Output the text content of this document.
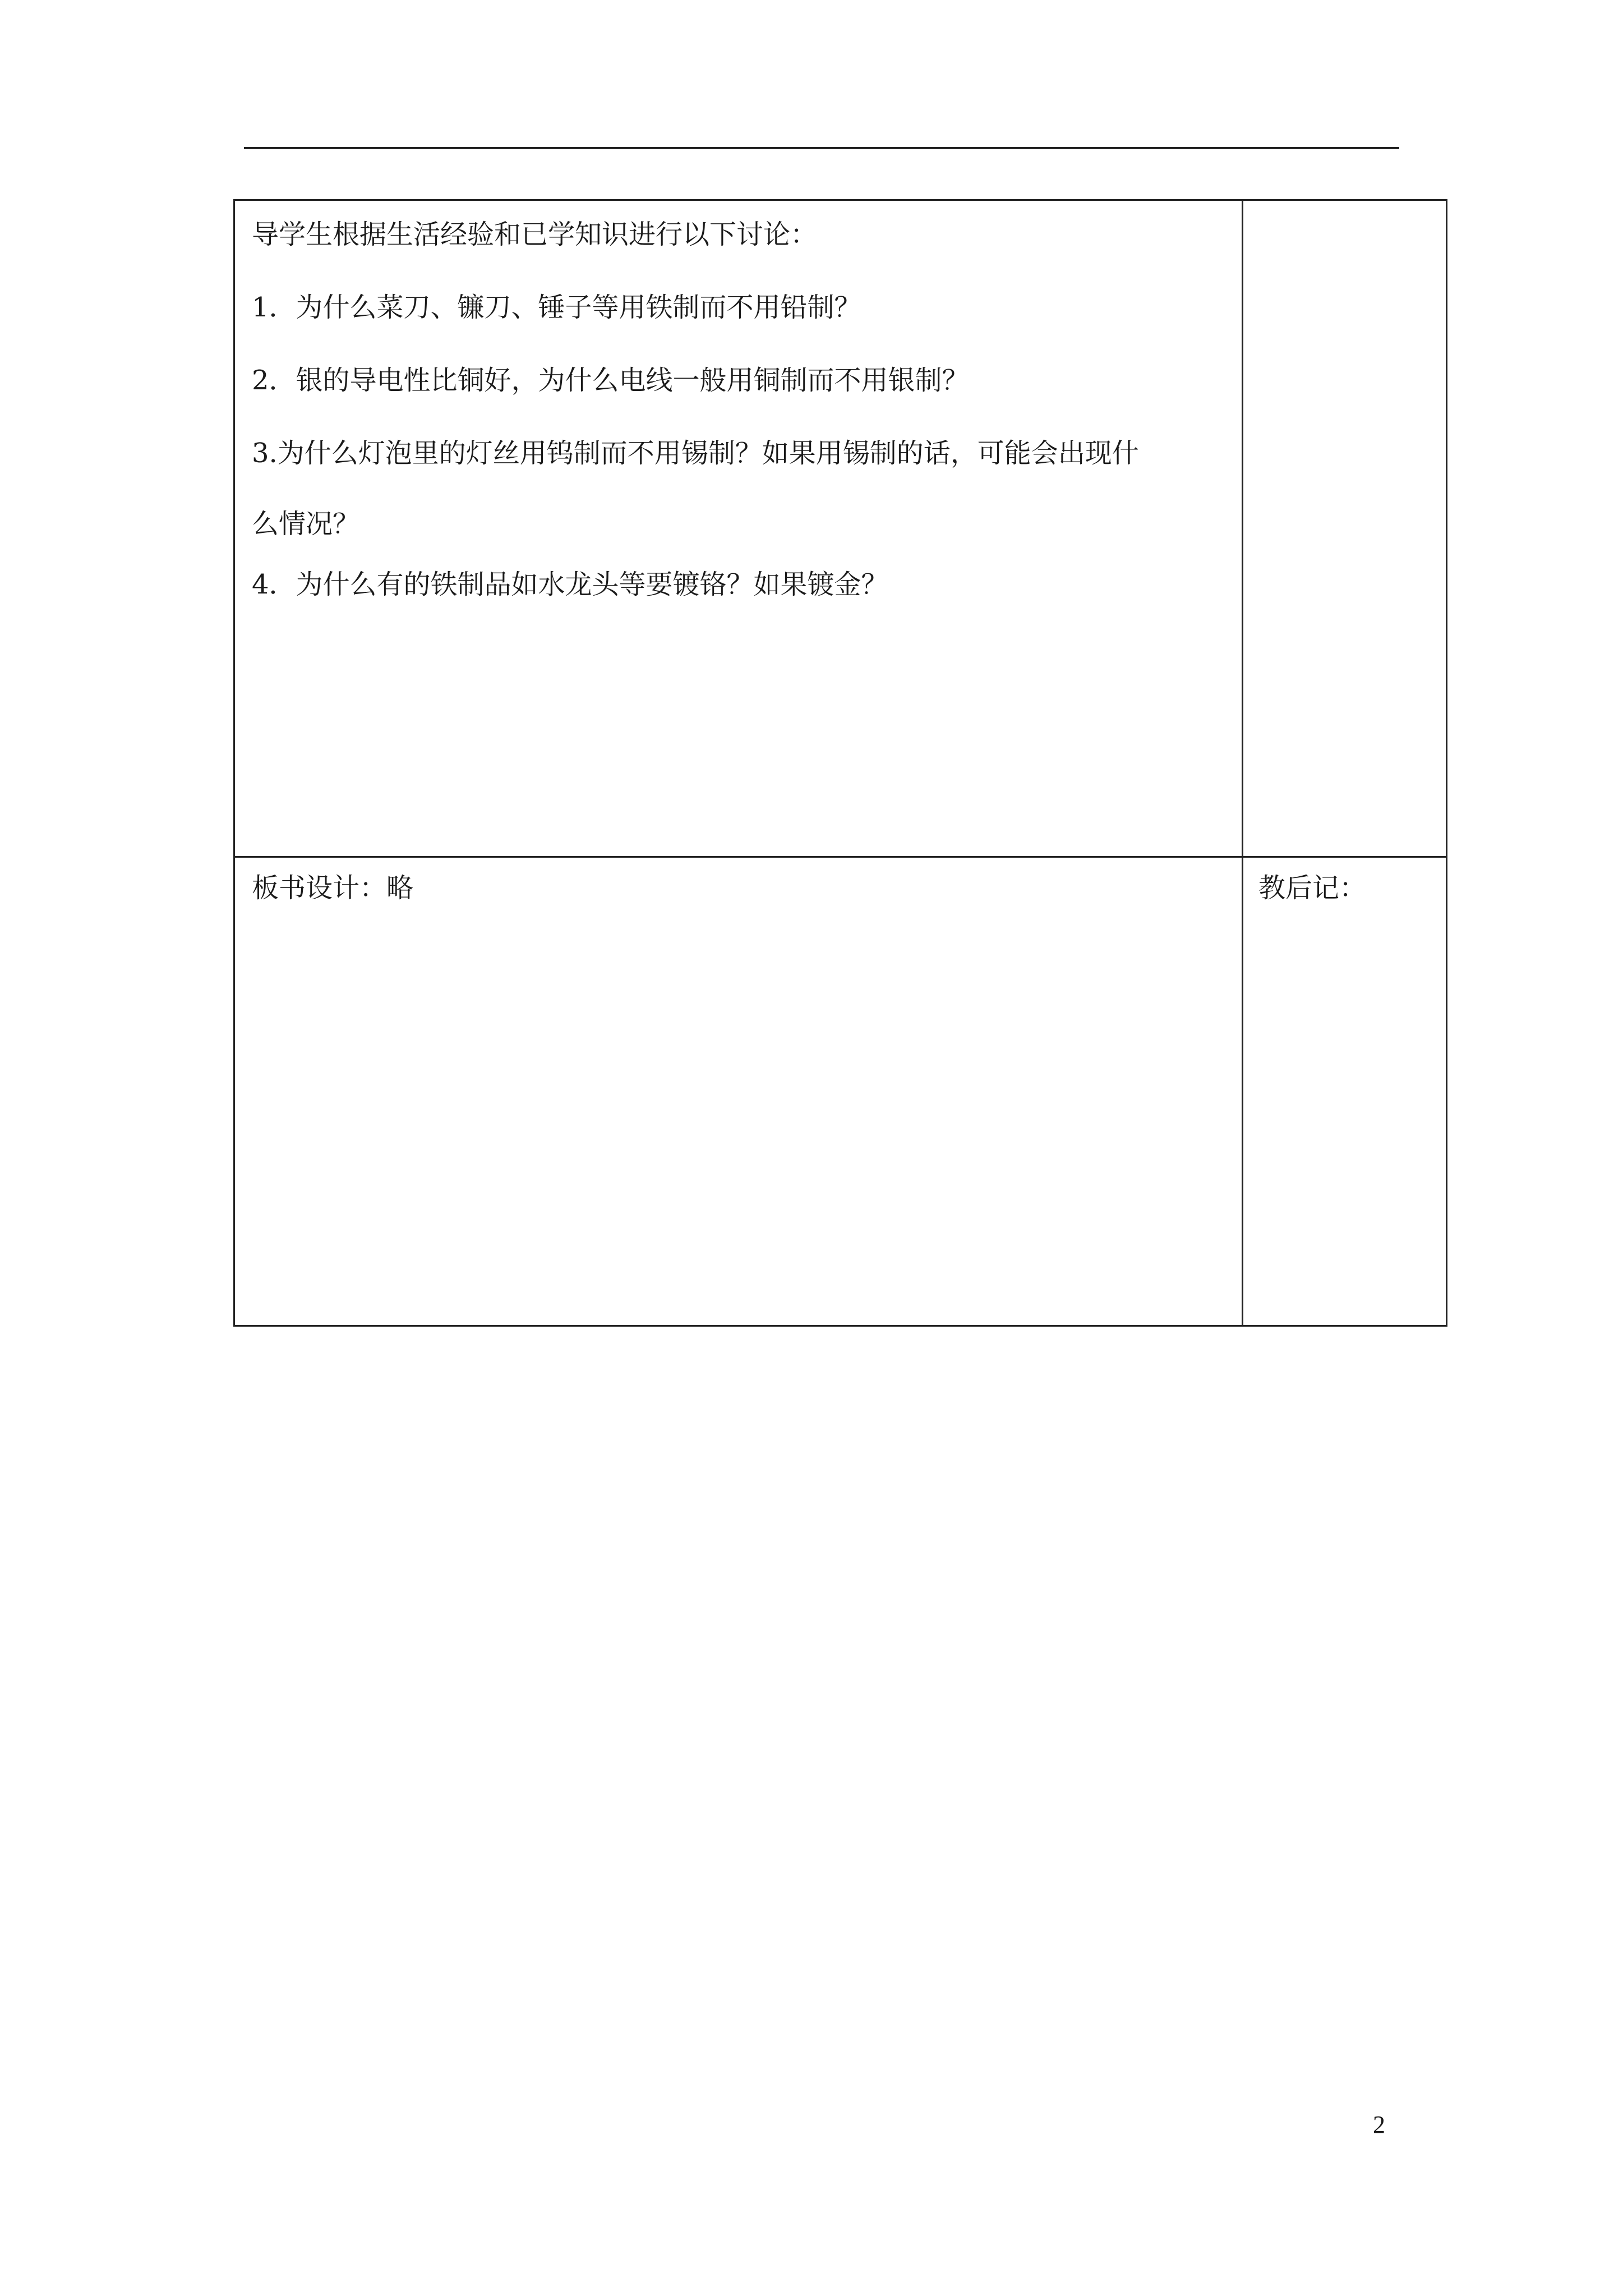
导学生根据生活经验和已学知识进行以下讨论：

1．为什么菜刀、镰刀、锤子等用铁制而不用铅制？

2．银的导电性比铜好，为什么电线一般用铜制而不用银制？

3.为什么灯泡里的灯丝用钨制而不用锡制？如果用锡制的话，可能会出现什

么情况？

4．为什么有的铁制品如水龙头等要镀铬？如果镀金？

板书设计：略	教后记：
2
